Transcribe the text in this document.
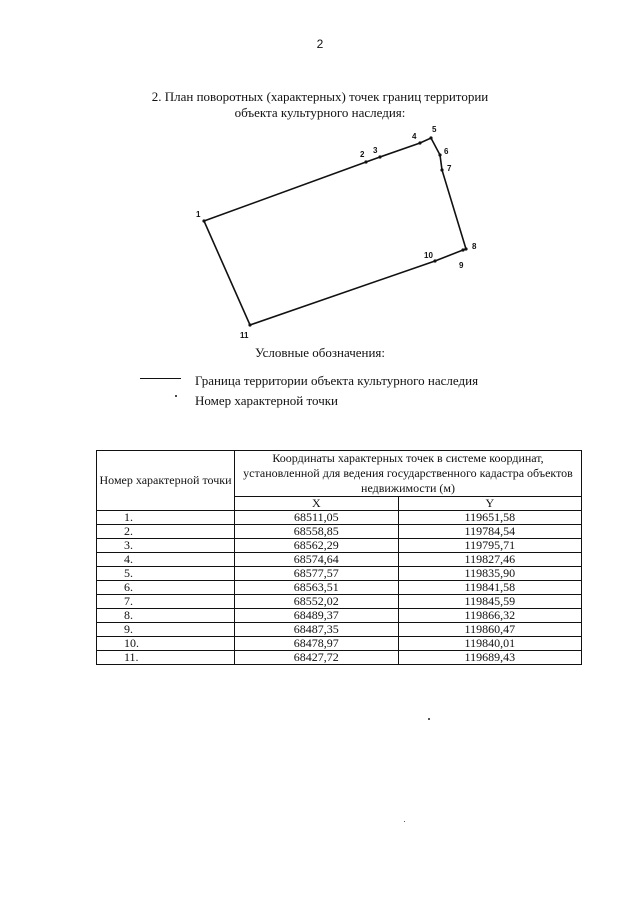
2
2. План поворотных (характерных) точек границ территории
объекта культурного наследия:
1
2 3
4
5
6
7
8
9
10
11
Условные обозначения:
Граница территории объекта культурного наследия
Номер характерной точки
Номер характерной точки	Координаты характерных точек в системе координат, установленной для ведения государственного кадастра объектов недвижимости (м)	
	X	Y
1.	68511,05	119651,58
2.	68558,85	119784,54
3.	68562,29	119795,71
4.	68574,64	119827,46
5.	68577,57	119835,90
6.	68563,51	119841,58
7.	68552,02	119845,59
8.	68489,37	119866,32
9.	68487,35	119860,47
10.	68478,97	119840,01
11.	68427,72	119689,43
